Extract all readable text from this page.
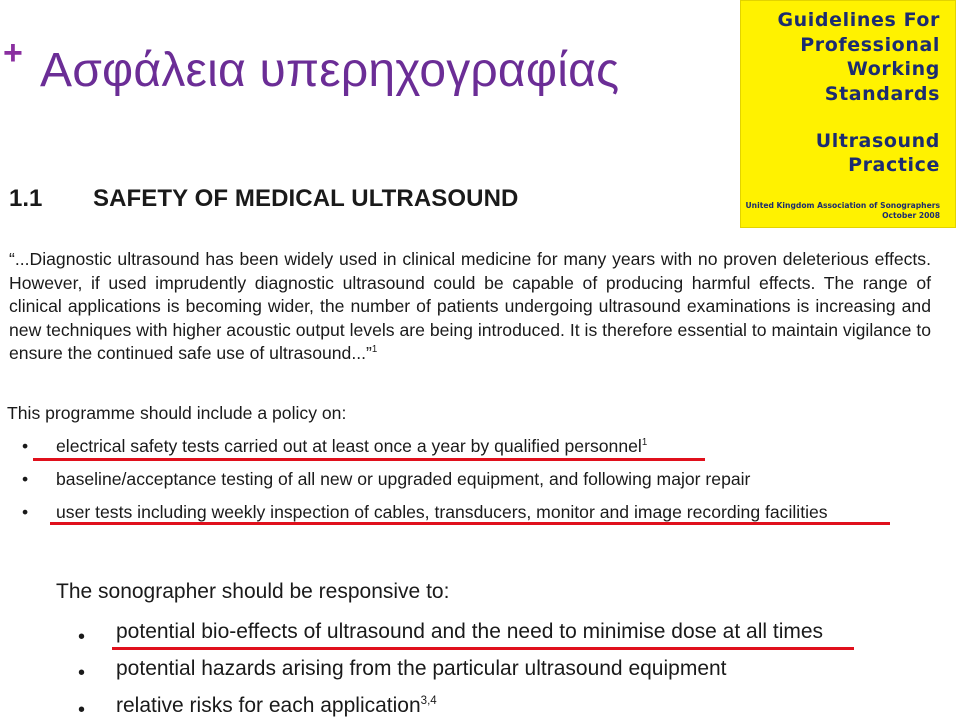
+ Ασφάλεια υπερηχογραφίας
Guidelines For Professional Working Standards
Ultrasound Practice
United Kingdom Association of Sonographers
October 2008
1.1 SAFETY OF MEDICAL ULTRASOUND
“...Diagnostic ultrasound has been widely used in clinical medicine for many years with no proven deleterious effects. However, if used imprudently diagnostic ultrasound could be capable of producing harmful effects. The range of clinical applications is becoming wider, the number of patients undergoing ultrasound examinations is increasing and new techniques with higher acoustic output levels are being introduced. It is therefore essential to maintain vigilance to ensure the continued safe use of ultrasound...”$^1$
This programme should include a policy on:
• electrical safety tests carried out at least once a year by qualified personnel$^1$
• baseline/acceptance testing of all new or upgraded equipment, and following major repair
• user tests including weekly inspection of cables, transducers, monitor and image recording facilities
The sonographer should be responsive to:
• potential bio-effects of ultrasound and the need to minimise dose at all times
• potential hazards arising from the particular ultrasound equipment
• relative risks for each application$^{3,4}$
